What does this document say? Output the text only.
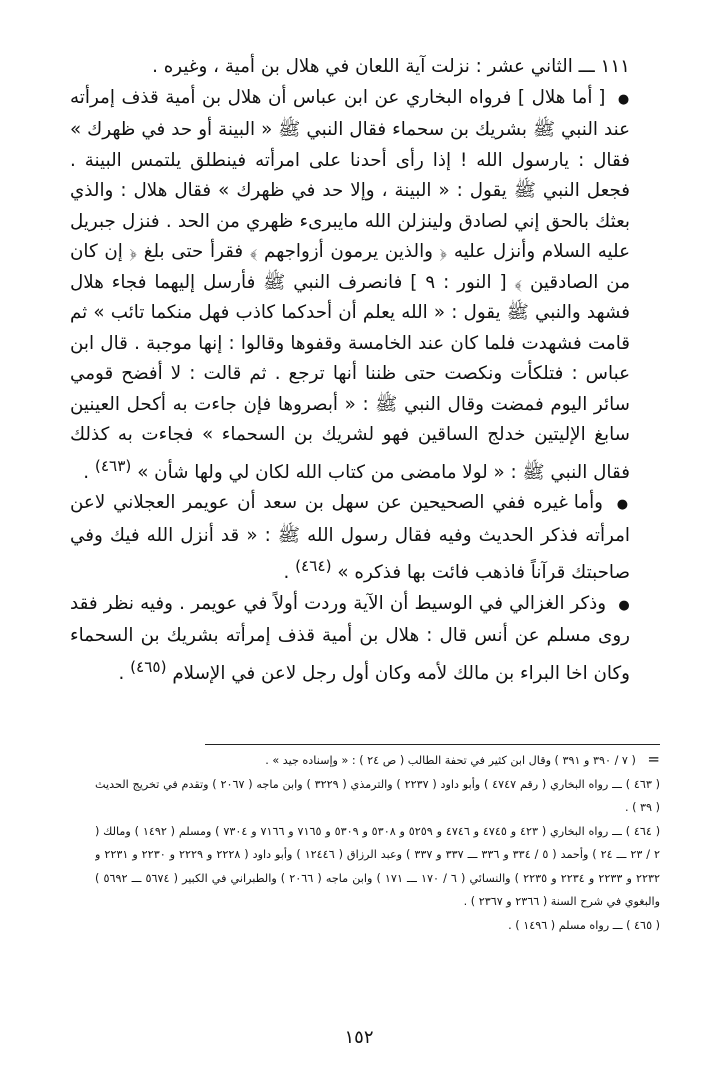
١١١ ـــ الثاني عشر : نزلت آية اللعان في هلال بن أمية ، وغيره .

● [ أما هلال ] فرواه البخاري عن ابن عباس أن هلال بن أمية قذف إمرأته عند النبي ﷺ بشريك بن سحماء فقال النبي ﷺ « البينة أو حد في ظهرك » فقال : يارسول الله ! إذا رأى أحدنا على امرأته فينطلق يلتمس البينة . فجعل النبي ﷺ يقول : « البينة ، وإلا حد في ظهرك » فقال هلال : والذي بعثك بالحق إني لصادق ولينزلن الله مايبرىء ظهري من الحد . فنزل جبريل عليه السلام وأنزل عليه ﴿ والذين يرمون أزواجهم ﴾ فقرأ حتى بلغ ﴿ إن كان من الصادقين ﴾ [ النور : ٩ ] فانصرف النبي ﷺ فأرسل إليهما فجاء هلال فشهد والنبي ﷺ يقول : « الله يعلم أن أحدكما كاذب فهل منكما تائب » ثم قامت فشهدت فلما كان عند الخامسة وقفوها وقالوا : إنها موجبة . قال ابن عباس : فتلكأت ونكصت حتى ظننا أنها ترجع . ثم قالت : لا أفضح قومي سائر اليوم فمضت وقال النبي ﷺ : « أبصروها فإن جاءت به أكحل العينين سابغ الإليتين خدلج الساقين فهو لشريك بن السحماء » فجاءت به كذلك فقال النبي ﷺ : « لولا مامضى من كتاب الله لكان لي ولها شأن » $^{(٤٦٣)}$ .

● وأما غيره ففي الصحيحين عن سهل بن سعد أن عويمر العجلاني لاعن امرأته فذكر الحديث وفيه فقال رسول الله ﷺ : « قد أنزل الله فيك وفي صاحبتك قرآناً فاذهب فائت بها فذكره » $^{(٤٦٤)}$ .

● وذكر الغزالي في الوسيط أن الآية وردت أولاً في عويمر . وفيه نظر فقد روى مسلم عن أنس قال : هلال بن أمية قذف إمرأته بشريك بن السحماء وكان اخا البراء بن مالك لأمه وكان أول رجل لاعن في الإسلام $^{(٤٦٥)}$ .

= ( ٧ / ٣٩٠ و ٣٩١ ) وقال ابن كثير في تحفة الطالب ( ص ٢٤ ) : « وإسناده جيد » .

( ٤٦٣ ) ـــ رواه البخاري ( رقم ٤٧٤٧ ) وأبو داود ( ٢٢٣٧ ) والترمذي ( ٣٢٢٩ ) وابن ماجه ( ٢٠٦٧ ) وتقدم في تخريج الحديث ( ٣٩ ) .

( ٤٦٤ ) ـــ رواه البخاري ( ٤٢٣ و ٤٧٤٥ و ٤٧٤٦ و ٥٢٥٩ و ٥٣٠٨ و ٥٣٠٩ و ٧١٦٥ و ٧١٦٦ و ٧٣٠٤ ) ومسلم ( ١٤٩٢ ) ومالك ( ٢ / ٢٣ ـــ ٢٤ ) وأحمد ( ٥ / ٣٣٤ و ٣٣٦ ـــ ٣٣٧ و ٣٣٧ ) وعبد الرزاق ( ١٢٤٤٦ ) وأبو داود ( ٢٢٢٨ و ٢٢٢٩ و ٢٢٣٠ و ٢٢٣١ و ٢٢٣٢ و ٢٢٣٣ و ٢٢٣٤ و ٢٢٣٥ ) والنسائي ( ٦ / ١٧٠ ـــ ١٧١ ) وابن ماجه ( ٢٠٦٦ ) والطبراني في الكبير ( ٥٦٧٤ ـــ ٥٦٩٢ ) والبغوي في شرح السنة ( ٢٣٦٦ و ٢٣٦٧ ) .

( ٤٦٥ ) ـــ رواه مسلم ( ١٤٩٦ ) .

١٥٢
